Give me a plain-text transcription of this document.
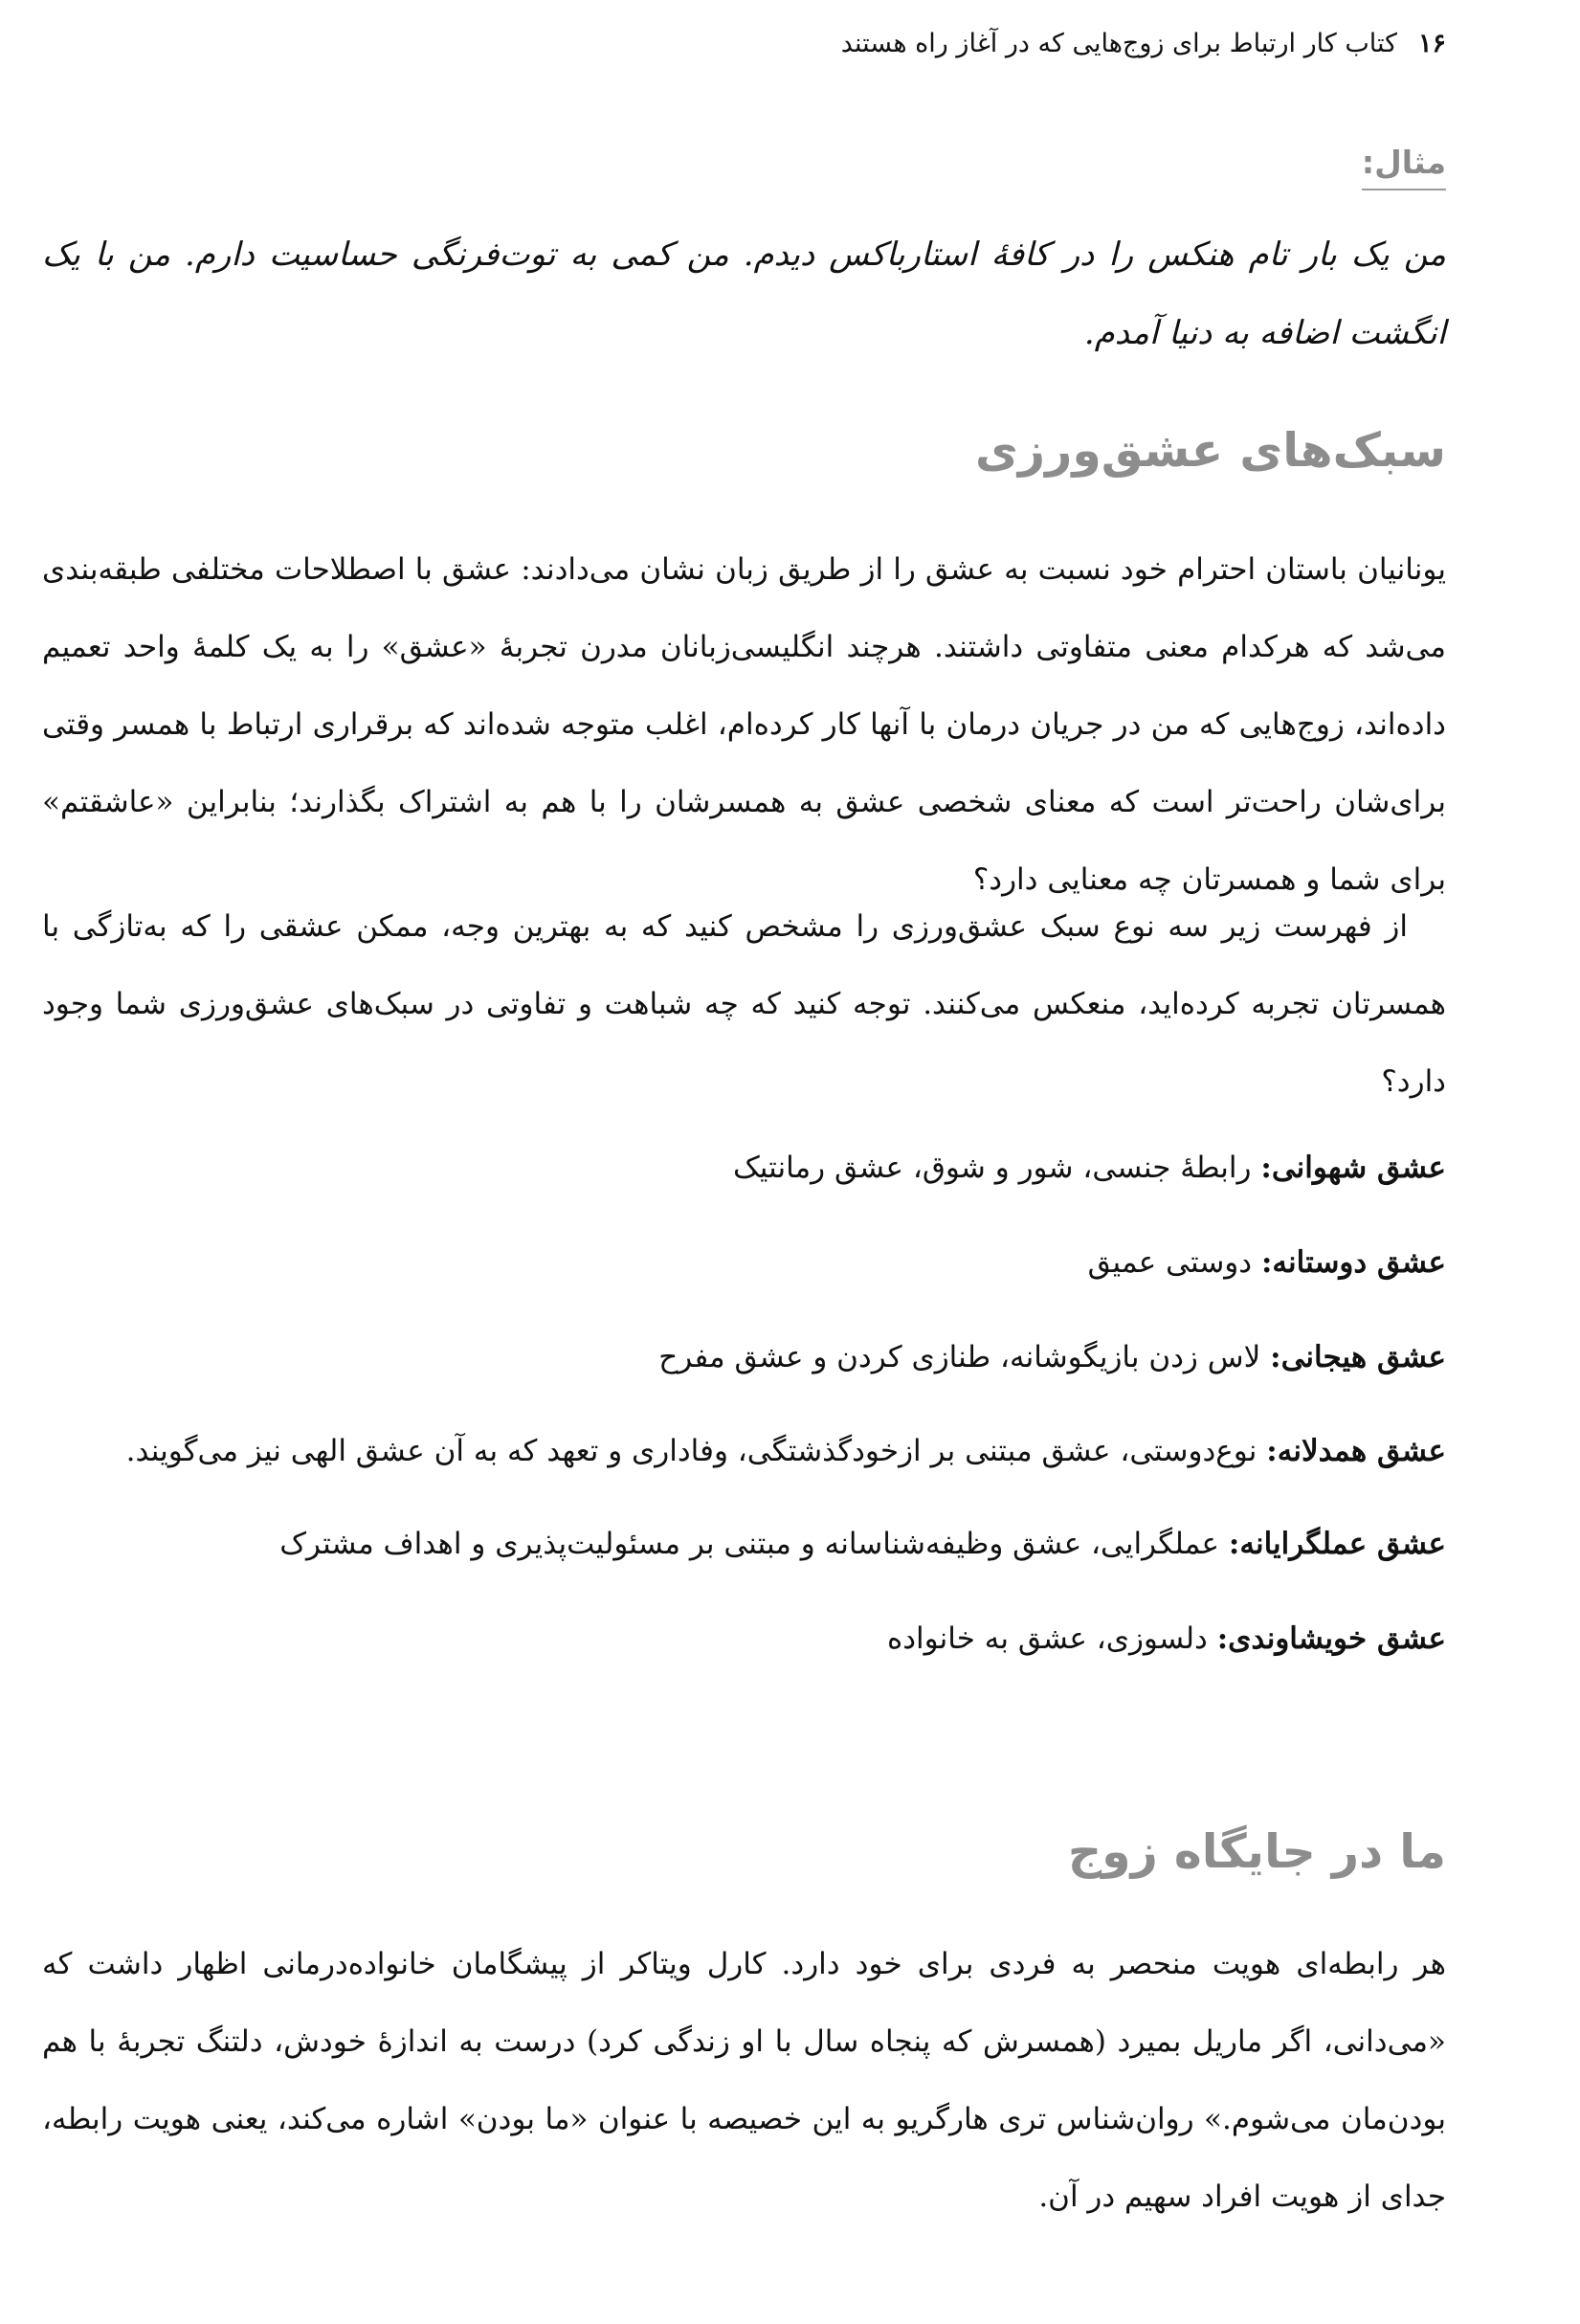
۱۶کتاب کار ارتباط برای زوج‌هایی که در آغاز راه هستند
مثال:
من یک بار تام هنکس را در کافۀ استارباکس دیدم. من کمی به توت‌فرنگی حساسیت دارم. من با یک انگشت اضافه به دنیا آمدم.
سبک‌های عشق‌ورزی

یونانیان باستان احترام خود نسبت به عشق را از طریق زبان نشان می‌دادند: عشق با اصطلاحات مختلفی طبقه‌بندی می‌شد که هرکدام معنی متفاوتی داشتند. هرچند انگلیسی‌زبانان مدرن تجربۀ «عشق» را به یک کلمۀ واحد تعمیم داده‌اند، زوج‌هایی که من در جریان درمان با آنها کار کرده‌ام، اغلب متوجه شده‌اند که برقراری ارتباط با همسر وقتی برای‌شان راحت‌تر است که معنای شخصی عشق به همسرشان را با هم به اشتراک بگذارند؛ بنابراین «عاشقتم» برای شما و همسرتان چه معنایی دارد؟

از فهرست زیر سه نوع سبک عشق‌ورزی را مشخص کنید که به بهترین وجه، ممکن عشقی را که به‌تازگی با همسرتان تجربه کرده‌اید، منعکس می‌کنند. توجه کنید که چه شباهت و تفاوتی در سبک‌های عشق‌ورزی شما وجود دارد؟

عشق شهوانی: رابطۀ جنسی، شور و شوق، عشق رمانتیک
عشق دوستانه: دوستی عمیق
عشق هیجانی: لاس زدن بازیگوشانه، طنازی کردن و عشق مفرح
عشق همدلانه: نوع‌دوستی، عشق مبتنی بر ازخودگذشتگی، وفاداری و تعهد که به آن عشق الهی نیز می‌گویند.
عشق عملگرایانه: عملگرایی، عشق وظیفه‌شناسانه و مبتنی بر مسئولیت‌پذیری و اهداف مشترک
عشق خویشاوندی: دلسوزی، عشق به خانواده
ما در جایگاه زوج

هر رابطه‌ای هویت منحصر به فردی برای خود دارد. کارل ویتاکر از پیشگامان خانواده‌درمانی اظهار داشت که «می‌دانی، اگر ماریل بمیرد (همسرش که پنجاه سال با او زندگی کرد) درست به اندازۀ خودش، دلتنگ تجربۀ با هم بودن‌مان می‌شوم.» روان‌شناس تری هارگریو به این خصیصه با عنوان «ما بودن» اشاره می‌کند، یعنی هویت رابطه، جدای از هویت افراد سهیم در آن.
